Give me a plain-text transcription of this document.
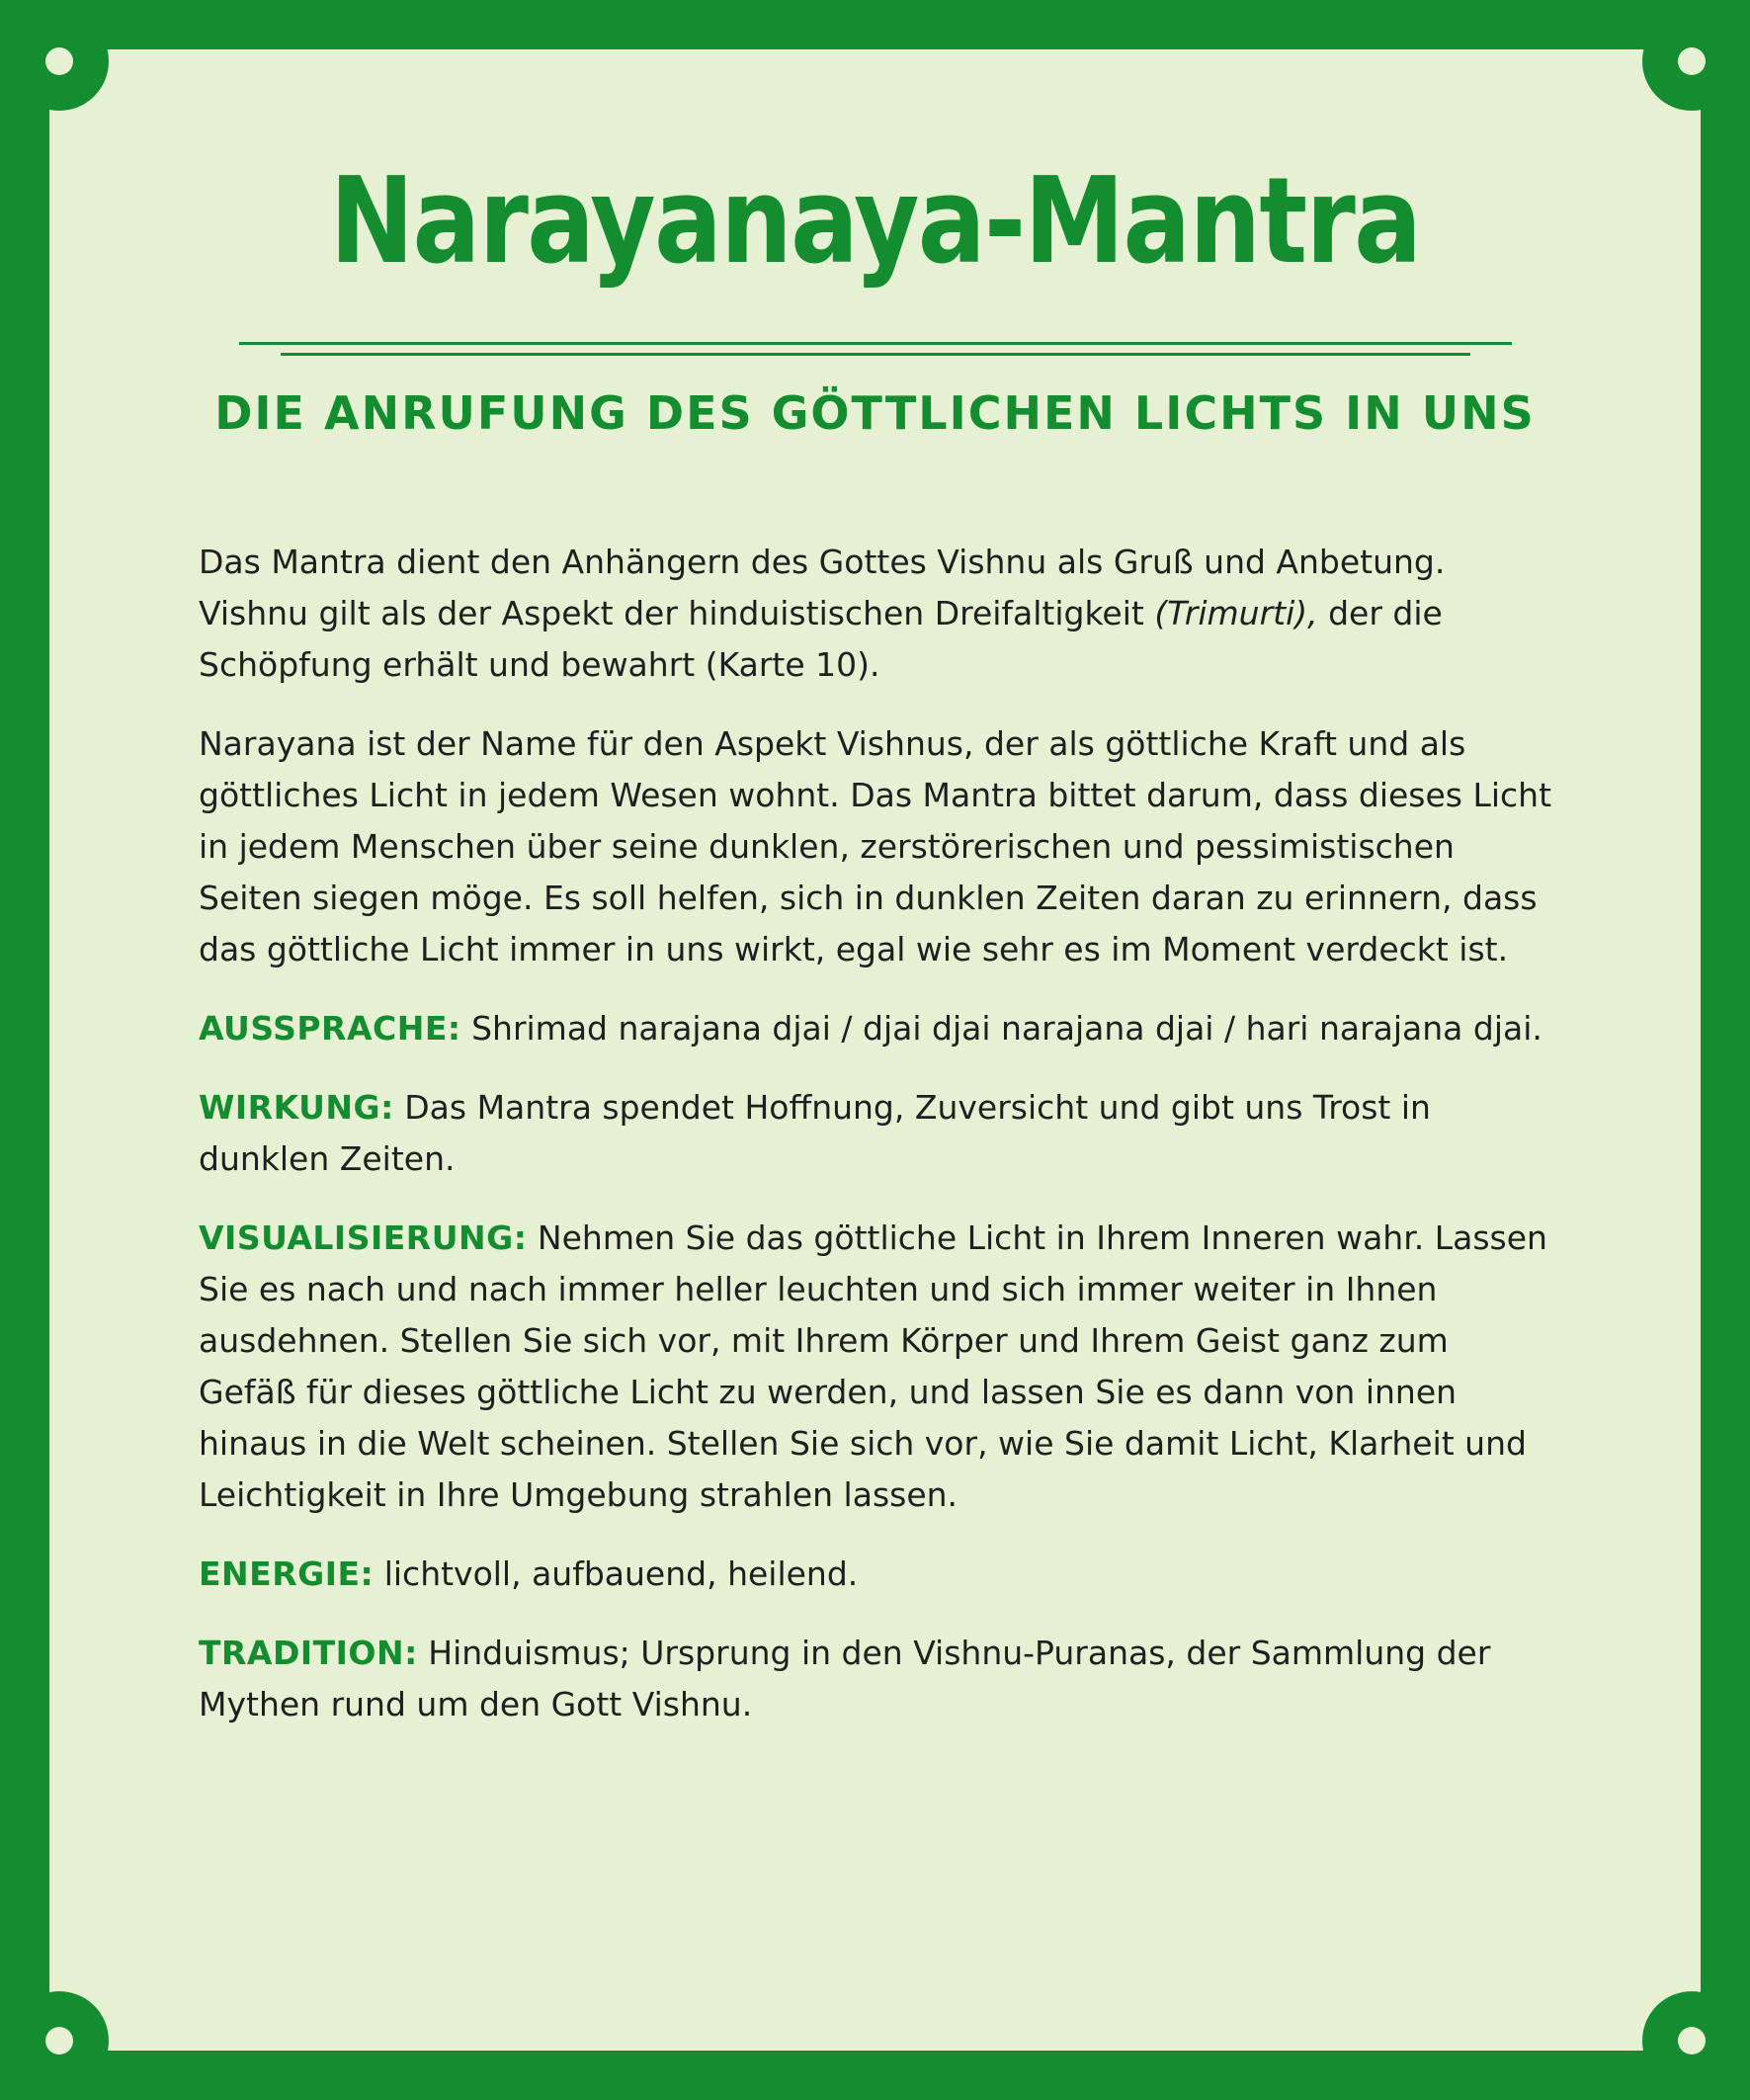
Narayanaya-Mantra
DIE ANRUFUNG DES GÖTTLICHEN LICHTS IN UNS

Das Mantra dient den Anhängern des Gottes Vishnu als Gruß und Anbetung. Vishnu gilt als der Aspekt der hinduistischen Dreifaltigkeit (Trimurti), der die Schöpfung erhält und bewahrt (Karte 10).

Narayana ist der Name für den Aspekt Vishnus, der als göttliche Kraft und als göttliches Licht in jedem Wesen wohnt. Das Mantra bittet darum, dass dieses Licht in jedem Menschen über seine dunklen, zerstörerischen und pessimistischen Seiten siegen möge. Es soll helfen, sich in dunklen Zeiten daran zu erinnern, dass das göttliche Licht immer in uns wirkt, egal wie sehr es im Moment verdeckt ist.

AUSSPRACHE: Shrimad narajana djai / djai djai narajana djai / hari narajana djai.

WIRKUNG: Das Mantra spendet Hoffnung, Zuversicht und gibt uns Trost in dunklen Zeiten.

VISUALISIERUNG: Nehmen Sie das göttliche Licht in Ihrem Inneren wahr. Lassen Sie es nach und nach immer heller leuchten und sich immer weiter in Ihnen ausdehnen. Stellen Sie sich vor, mit Ihrem Körper und Ihrem Geist ganz zum Gefäß für dieses göttliche Licht zu werden, und lassen Sie es dann von innen hinaus in die Welt scheinen. Stellen Sie sich vor, wie Sie damit Licht, Klarheit und Leichtigkeit in Ihre Umgebung strahlen lassen.

ENERGIE: lichtvoll, aufbauend, heilend.

TRADITION: Hinduismus; Ursprung in den Vishnu-Puranas, der Sammlung der Mythen rund um den Gott Vishnu.
